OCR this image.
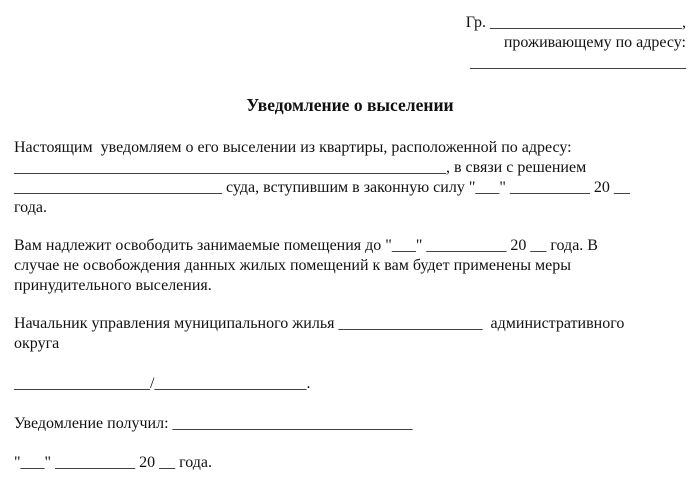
Гр. ________________________,
проживающему по адресу:
___________________________
Уведомление о выселении
Настоящим  уведомляем о его выселении из квартиры, расположенной по адресу:
______________________________________________________, в связи с решением
__________________________ суда, вступившим в законную силу "___" __________ 20 __
года.
Вам надлежит освободить занимаемые помещения до "___" __________ 20 __ года. В
случае не освобождения данных жилых помещений к вам будет применены меры
принудительного выселения.
Начальник управления муниципального жилья __________________  административного
округа
_________________/___________________.
Уведомление получил: ______________________________
"___" __________ 20 __ года.
